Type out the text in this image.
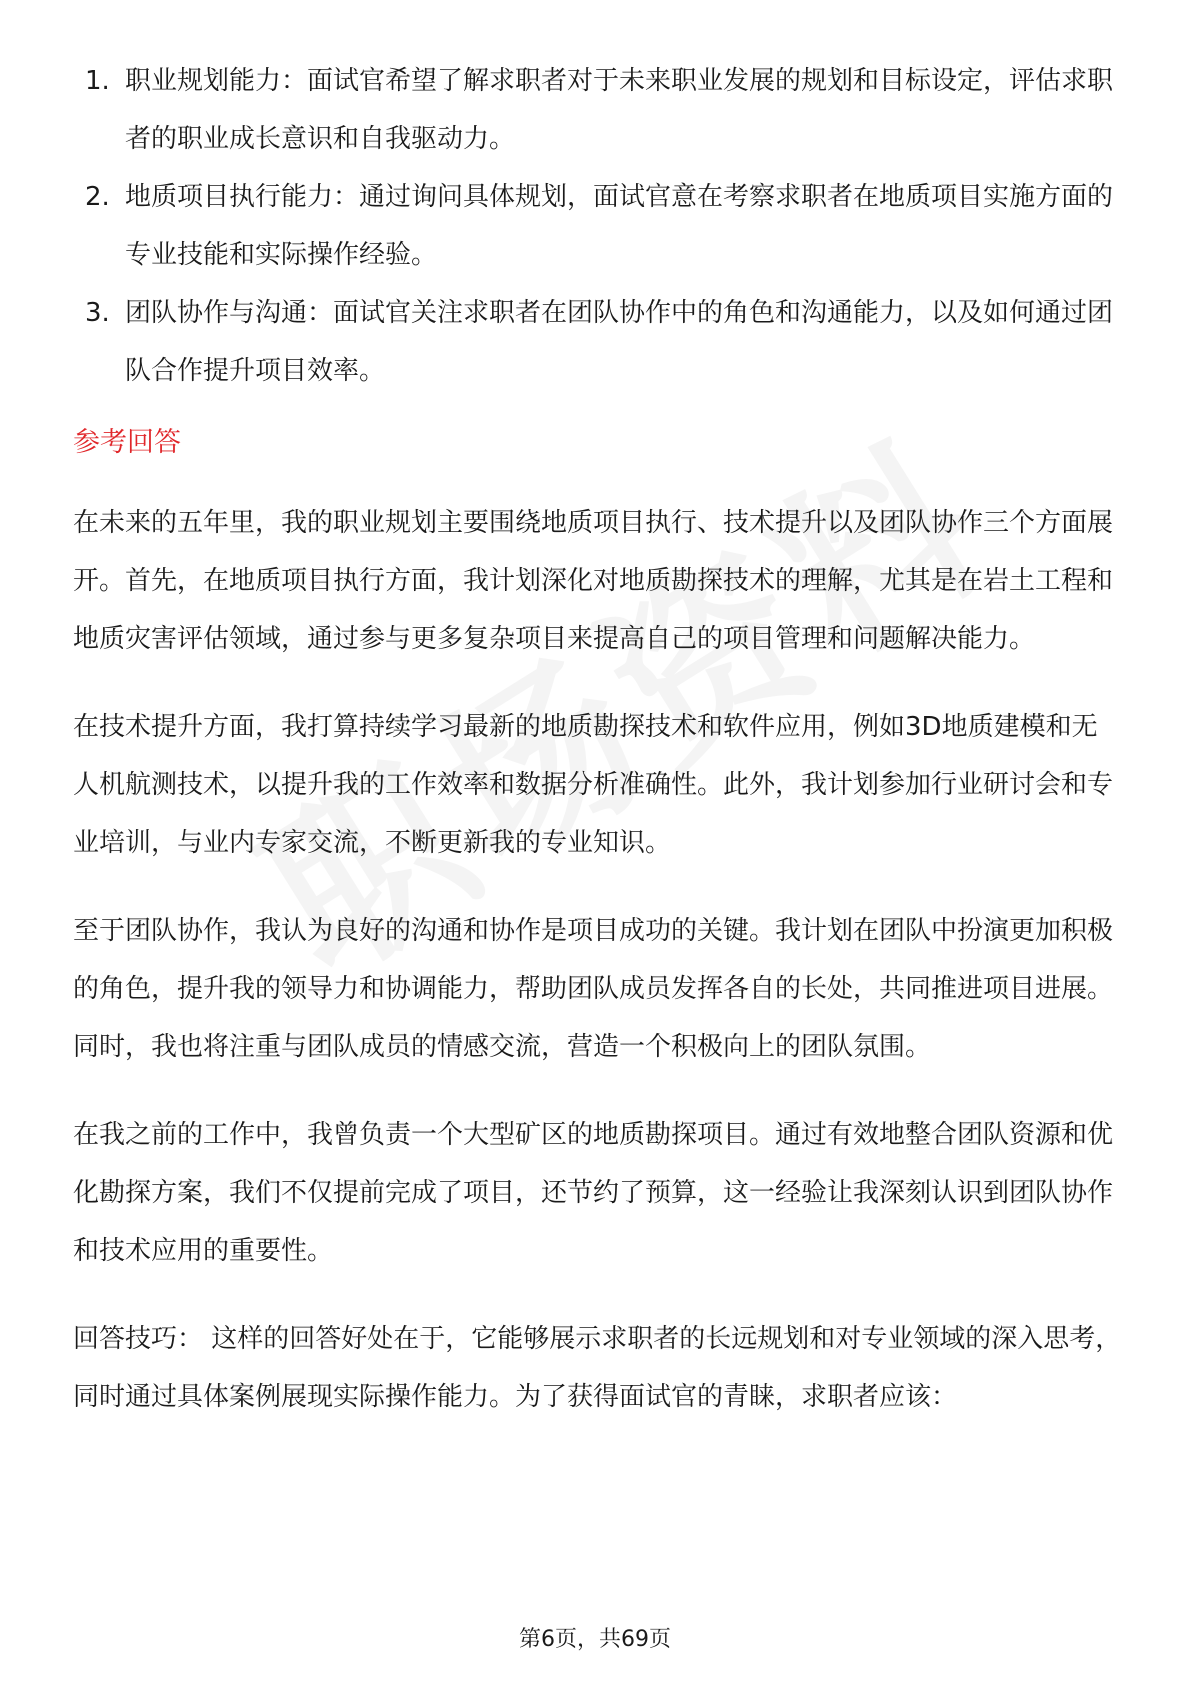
1. 职业规划能力：面试官希望了解求职者对于未来职业发展的规划和目标设定，评估求职者的职业成长意识和自我驱动力。
2. 地质项目执行能力：通过询问具体规划，面试官意在考察求职者在地质项目实施方面的专业技能和实际操作经验。
3. 团队协作与沟通：面试官关注求职者在团队协作中的角色和沟通能力，以及如何通过团队合作提升项目效率。
参考回答

在未来的五年里，我的职业规划主要围绕地质项目执行、技术提升以及团队协作三个方面展开。首先，在地质项目执行方面，我计划深化对地质勘探技术的理解，尤其是在岩土工程和地质灾害评估领域，通过参与更多复杂项目来提高自己的项目管理和问题解决能力。

在技术提升方面，我打算持续学习最新的地质勘探技术和软件应用，例如3D地质建模和无人机航测技术，以提升我的工作效率和数据分析准确性。此外，我计划参加行业研讨会和专业培训，与业内专家交流，不断更新我的专业知识。

至于团队协作，我认为良好的沟通和协作是项目成功的关键。我计划在团队中扮演更加积极的角色，提升我的领导力和协调能力，帮助团队成员发挥各自的长处，共同推进项目进展。同时，我也将注重与团队成员的情感交流，营造一个积极向上的团队氛围。

在我之前的工作中，我曾负责一个大型矿区的地质勘探项目。通过有效地整合团队资源和优化勘探方案，我们不仅提前完成了项目，还节约了预算，这一经验让我深刻认识到团队协作和技术应用的重要性。

回答技巧： 这样的回答好处在于，它能够展示求职者的长远规划和对专业领域的深入思考，同时通过具体案例展现实际操作能力。为了获得面试官的青睐，求职者应该：

第6页，共69页
